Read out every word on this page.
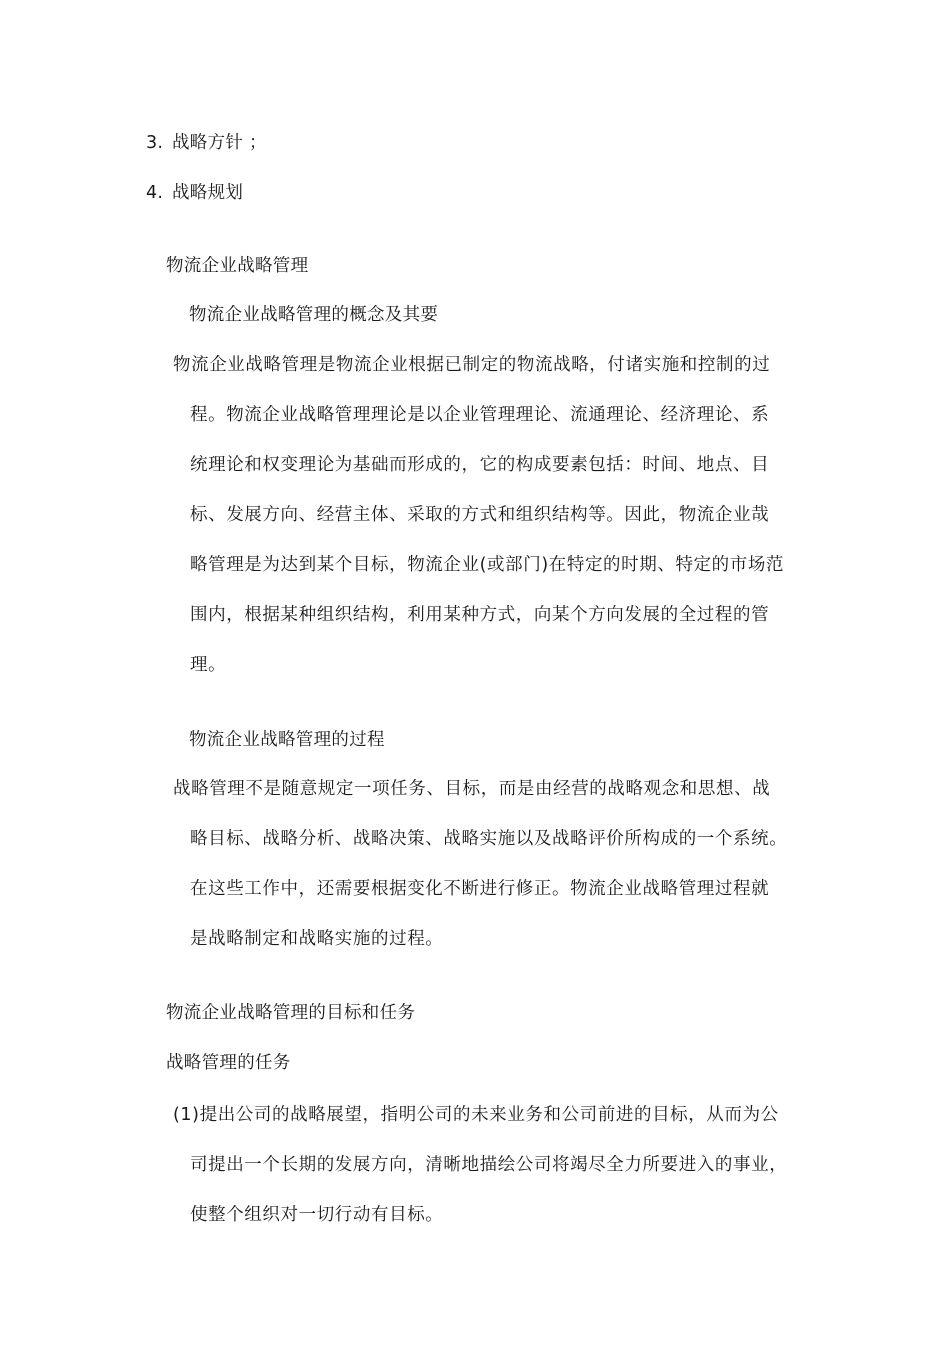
3. 战略方针 ；
4. 战略规划
物流企业战略管理
物流企业战略管理的概念及其要
物流企业战略管理是物流企业根据已制定的物流战略，付诸实施和控制的过
程。物流企业战略管理理论是以企业管理理论、流通理论、经济理论、系
统理论和权变理论为基础而形成的，它的构成要素包括：时间、地点、目
标、发展方向、经营主体、采取的方式和组织结构等。因此，物流企业哉
略管理是为达到某个目标，物流企业(或部门)在特定的时期、特定的市场范
围内，根据某种组织结构，利用某种方式，向某个方向发展的全过程的管
理。
物流企业战略管理的过程
战略管理不是随意规定一项任务、目标，而是由经营的战略观念和思想、战
略目标、战略分析、战略决策、战略实施以及战略评价所构成的一个系统。
在这些工作中，还需要根据变化不断进行修正。物流企业战略管理过程就
是战略制定和战略实施的过程。
物流企业战略管理的目标和任务
战略管理的任务
(1)提出公司的战略展望，指明公司的未来业务和公司前进的目标，从而为公
司提出一个长期的发展方向，清晰地描绘公司将竭尽全力所要进入的事业，
使整个组织对一切行动有目标。
